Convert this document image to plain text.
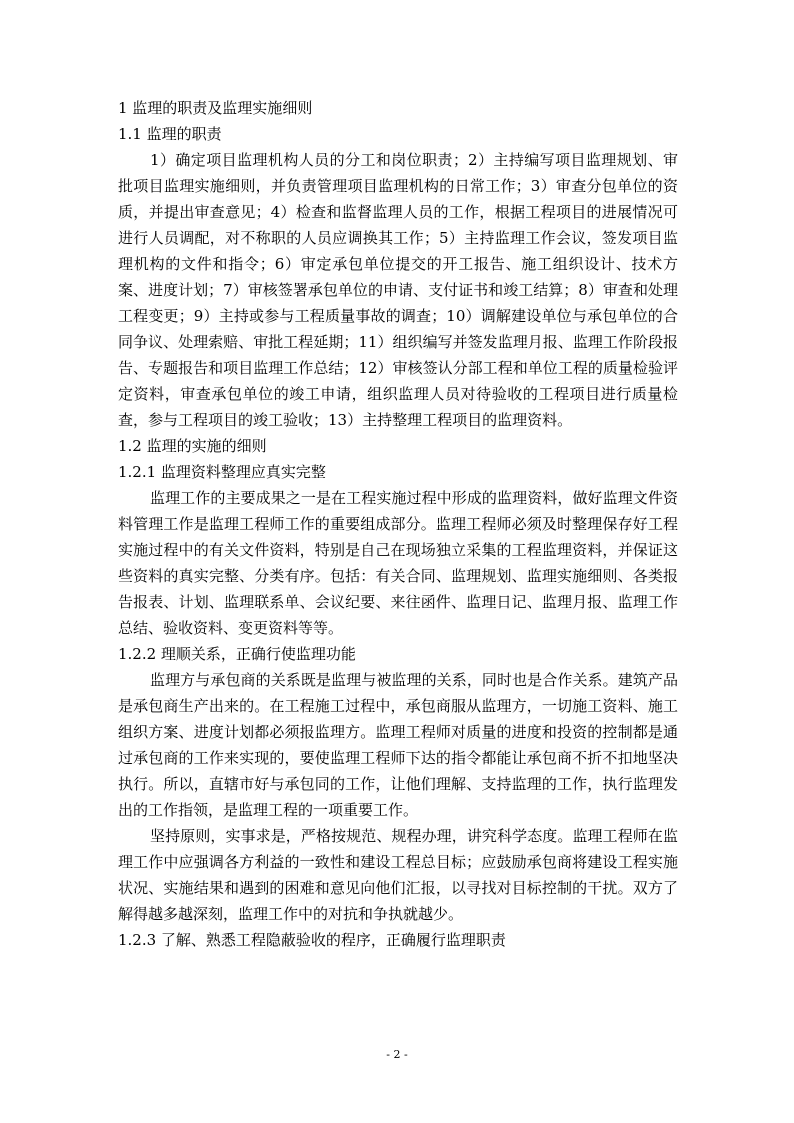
1 监理的职责及监理实施细则
1.1 监理的职责

1）确定项目监理机构人员的分工和岗位职责；2）主持编写项目监理规划、审批项目监理实施细则，并负责管理项目监理机构的日常工作；3）审查分包单位的资质，并提出审查意见；4）检查和监督监理人员的工作，根据工程项目的进展情况可进行人员调配，对不称职的人员应调换其工作；5）主持监理工作会议，签发项目监理机构的文件和指令；6）审定承包单位提交的开工报告、施工组织设计、技术方案、进度计划；7）审核签署承包单位的申请、支付证书和竣工结算；8）审查和处理工程变更；9）主持或参与工程质量事故的调查；10）调解建设单位与承包单位的合同争议、处理索赔、审批工程延期；11）组织编写并签发监理月报、监理工作阶段报告、专题报告和项目监理工作总结；12）审核签认分部工程和单位工程的质量检验评定资料，审查承包单位的竣工申请，组织监理人员对待验收的工程项目进行质量检查，参与工程项目的竣工验收；13）主持整理工程项目的监理资料。

1.2 监理的实施的细则
1.2.1 监理资料整理应真实完整

监理工作的主要成果之一是在工程实施过程中形成的监理资料，做好监理文件资料管理工作是监理工程师工作的重要组成部分。监理工程师必须及时整理保存好工程实施过程中的有关文件资料，特别是自己在现场独立采集的工程监理资料，并保证这些资料的真实完整、分类有序。包括：有关合同、监理规划、监理实施细则、各类报告报表、计划、监理联系单、会议纪要、来往函件、监理日记、监理月报、监理工作总结、验收资料、变更资料等等。

1.2.2 理顺关系，正确行使监理功能

监理方与承包商的关系既是监理与被监理的关系，同时也是合作关系。建筑产品是承包商生产出来的。在工程施工过程中，承包商服从监理方，一切施工资料、施工组织方案、进度计划都必须报监理方。监理工程师对质量的进度和投资的控制都是通过承包商的工作来实现的，要使监理工程师下达的指令都能让承包商不折不扣地坚决执行。所以，直辖市好与承包同的工作，让他们理解、支持监理的工作，执行监理发出的工作指领，是监理工程的一项重要工作。

坚持原则，实事求是，严格按规范、规程办理，讲究科学态度。监理工程师在监理工作中应强调各方利益的一致性和建设工程总目标；应鼓励承包商将建设工程实施状况、实施结果和遇到的困难和意见向他们汇报，以寻找对目标控制的干扰。双方了解得越多越深刻，监理工作中的对抗和争执就越少。

1.2.3 了解、熟悉工程隐蔽验收的程序，正确履行监理职责
- 2 -
